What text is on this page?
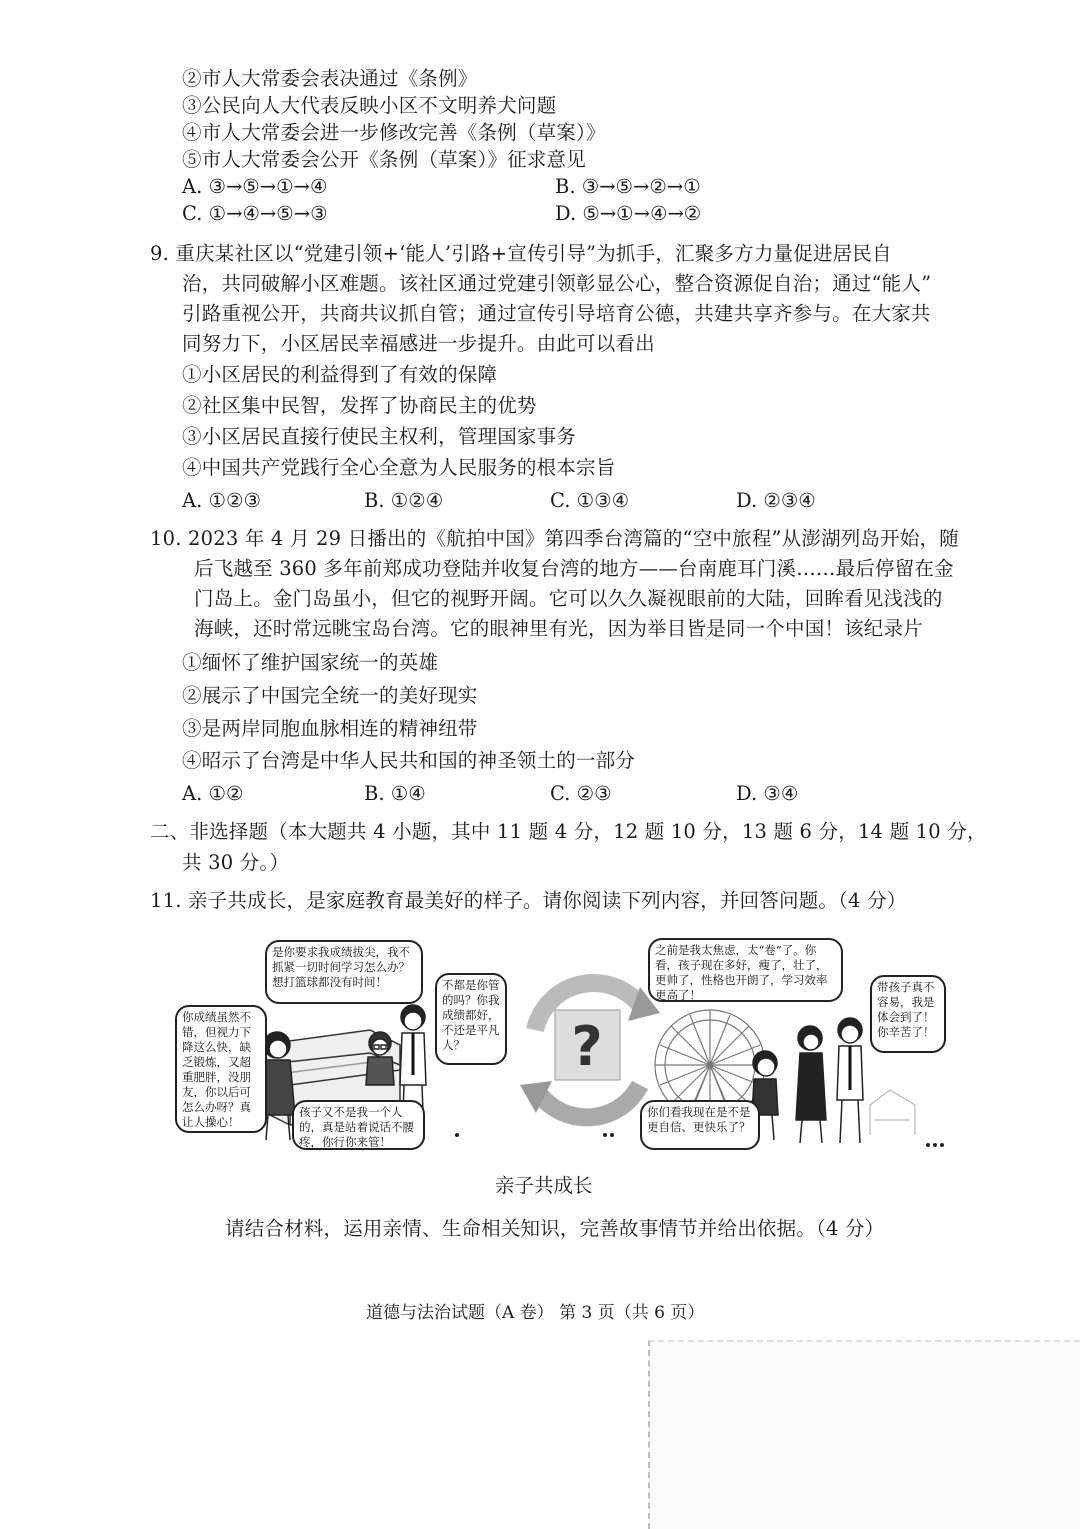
②市人大常委会表决通过《条例》
③公民向人大代表反映小区不文明养犬问题
④市人大常委会进一步修改完善《条例（草案）》
⑤市人大常委会公开《条例（草案）》征求意见
A. ③→⑤→①→④	B. ③→⑤→②→①
C. ①→④→⑤→③	D. ⑤→①→④→②
9. 重庆某社区以“党建引领+‘能人’引路+宣传引导”为抓手，汇聚多方力量促进居民自
治，共同破解小区难题。该社区通过党建引领彰显公心，整合资源促自治；通过“能人”
引路重视公开，共商共议抓自管；通过宣传引导培育公德，共建共享齐参与。在大家共
同努力下，小区居民幸福感进一步提升。由此可以看出
①小区居民的利益得到了有效的保障
②社区集中民智，发挥了协商民主的优势
③小区居民直接行使民主权利，管理国家事务
④中国共产党践行全心全意为人民服务的根本宗旨
A. ①②③	B. ①②④	C. ①③④	D. ②③④
10. 2023 年 4 月 29 日播出的《航拍中国》第四季台湾篇的“空中旅程”从澎湖列岛开始，随
后飞越至 360 多年前郑成功登陆并收复台湾的地方——台南鹿耳门溪……最后停留在金
门岛上。金门岛虽小，但它的视野开阔。它可以久久凝视眼前的大陆，回眸看见浅浅的
海峡，还时常远眺宝岛台湾。它的眼神里有光，因为举目皆是同一个中国！该纪录片
①缅怀了维护国家统一的英雄
②展示了中国完全统一的美好现实
③是两岸同胞血脉相连的精神纽带
④昭示了台湾是中华人民共和国的神圣领土的一部分
A. ①②	B. ①④	C. ②③	D. ③④
二、非选择题（本大题共 4 小题，其中 11 题 4 分，12 题 10 分，13 题 6 分，14 题 10 分，
共 30 分。）
11. 亲子共成长，是家庭教育最美好的样子。请你阅读下列内容，并回答问题。（4 分）
?
是你要求我成绩拔尖，我不抓紧一切时间学习怎么办？想打篮球都没有时间！
你成绩虽然不错，但视力下降这么快，缺乏锻炼，又超重肥胖，没朋友，你以后可怎么办呀？真让人操心！
不都是你管的吗？你我成绩都好，不还是平凡人？
孩子又不是我一个人的，真是站着说话不腰疼，你行你来管！
之前是我太焦虑，太“卷”了。你看，孩子现在多好，瘦了，壮了，更帅了，性格也开朗了，学习效率更高了！
带孩子真不容易，我是体会到了！你辛苦了！
你们看我现在是不是更自信、更快乐了？
亲子共成长
请结合材料，运用亲情、生命相关知识，完善故事情节并给出依据。（4 分）
道德与法治试题（A 卷） 第 3 页（共 6 页）
